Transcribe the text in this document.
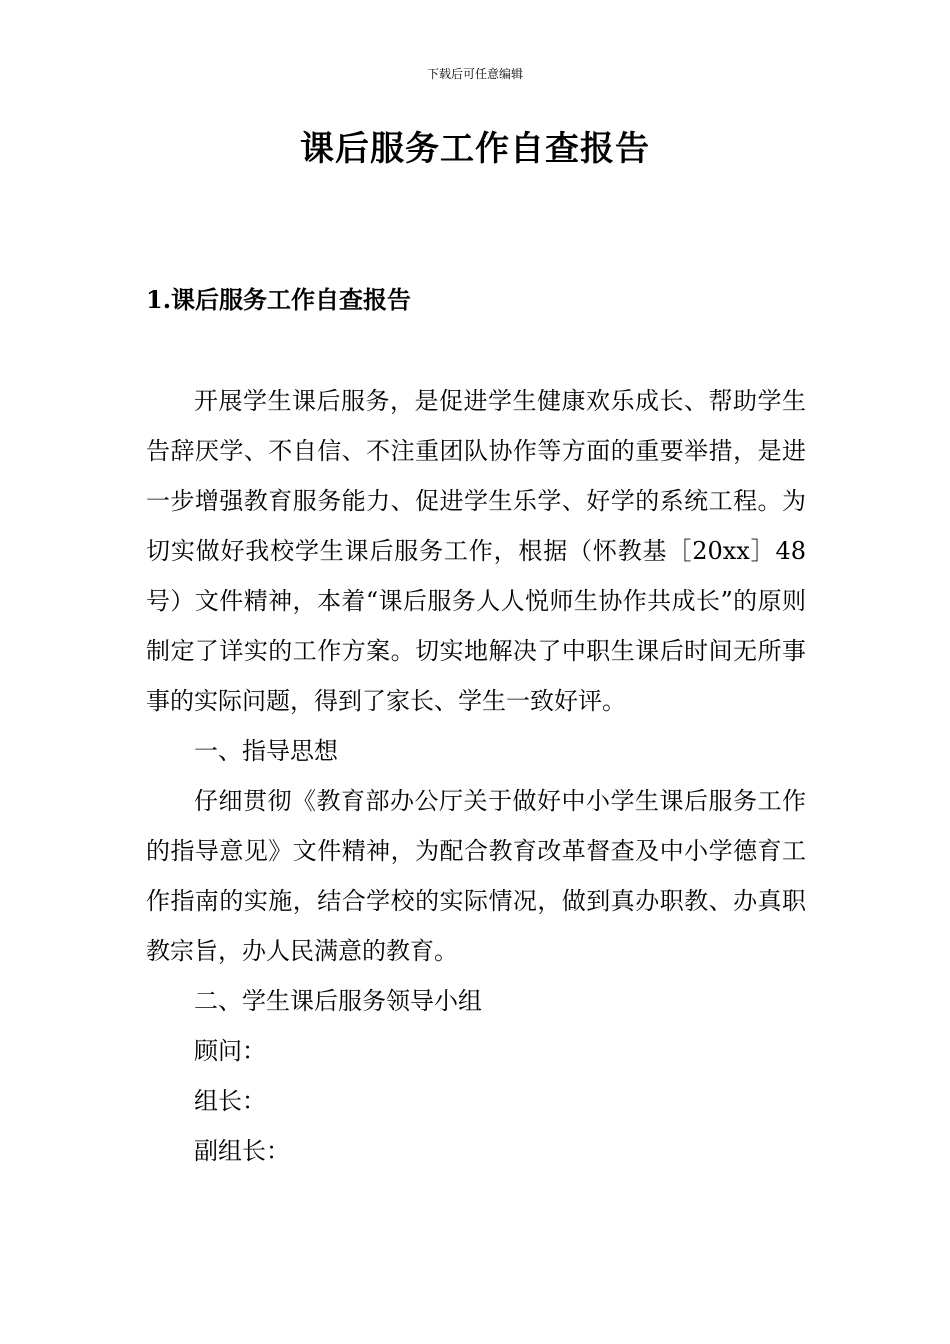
下载后可任意编辑
课后服务工作自查报告
1.课后服务工作自查报告

开展学生课后服务，是促进学生健康欢乐成长、帮助学生告辞厌学、不自信、不注重团队协作等方面的重要举措，是进一步增强教育服务能力、促进学生乐学、好学的系统工程。为切实做好我校学生课后服务工作，根据（怀教基［20xx］48号）文件精神，本着“课后服务人人悦师生协作共成长”的原则制定了详实的工作方案。切实地解决了中职生课后时间无所事事的实际问题，得到了家长、学生一致好评。

一、指导思想

仔细贯彻《教育部办公厅关于做好中小学生课后服务工作的指导意见》文件精神，为配合教育改革督查及中小学德育工作指南的实施，结合学校的实际情况，做到真办职教、办真职教宗旨，办人民满意的教育。

二、学生课后服务领导小组

顾问：

组长：

副组长：
